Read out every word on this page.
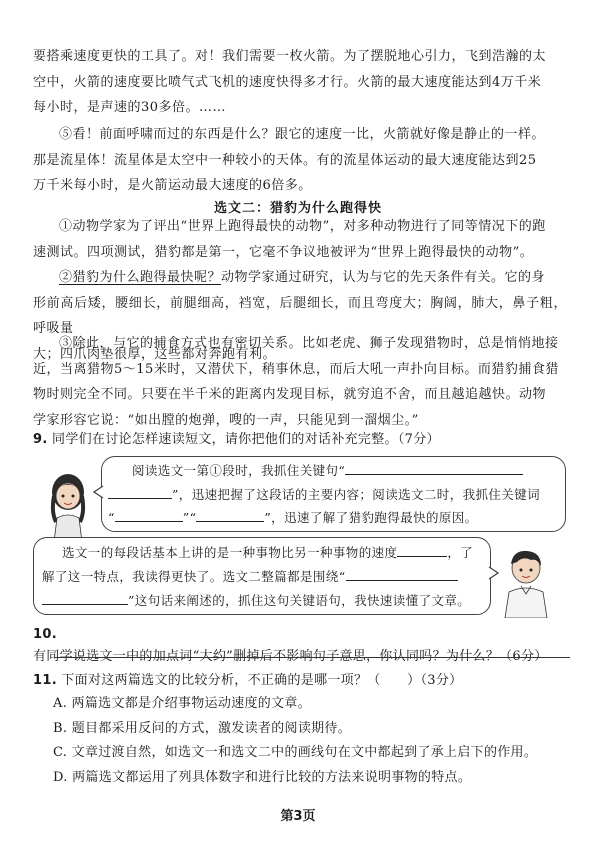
要搭乘速度更快的工具了。对！我们需要一枚火箭。为了摆脱地心引力，飞到浩瀚的太
空中，火箭的速度要比喷气式飞机的速度快得多才行。火箭的最大速度能达到4万千米
每小时，是声速的30多倍。……
⑤看！前面呼啸而过的东西是什么？跟它的速度一比，火箭就好像是静止的一样。
那是流星体！流星体是太空中一种较小的天体。有的流星体运动的最大速度能达到25
万千米每小时，是火箭运动最大速度的6倍多。
选文二：猎豹为什么跑得快
①动物学家为了评出“世界上跑得最快的动物”，对多种动物进行了同等情况下的跑
速测试。四项测试，猎豹都是第一，它毫不争议地被评为“世界上跑得最快的动物”。
②猎豹为什么跑得最快呢？动物学家通过研究，认为与它的先天条件有关。它的身
形前高后矮，腰细长，前腿细高，裆宽，后腿细长，而且弯度大；胸阔，肺大，鼻子粗，呼吸量
大；四爪肉垫很厚，这些都对奔跑有利。
③除此，与它的捕食方式也有密切关系。比如老虎、狮子发现猎物时，总是悄悄地接
近，当离猎物5～15米时，又潜伏下，稍事休息，而后大吼一声扑向目标。而猎豹捕食猎
物时则完全不同。只要在半千米的距离内发现目标，就穷追不舍，而且越追越快。动物
学家形容它说：“如出膛的炮弹，嗖的一声，只能见到一溜烟尘。”
9. 同学们在讨论怎样速读短文，请你把他们的对话补充完整。（7分）
阅读选文一第①段时，我抓住关键句“
”，迅速把握了这段话的主要内容；阅读选文二时，我抓住关键词
“	”“	”，迅速了解了猎豹跑得最快的原因。
选文一的每段话基本上讲的是一种事物比另一种事物的速度	，了
解了这一特点，我读得更快了。选文二整篇都是围绕“
”这句话来阐述的，抓住这句关键语句，我快速读懂了文章。
10. 有同学说选文一中的加点词“大约”删掉后不影响句子意思，你认同吗？为什么？（6分）
11. 下面对这两篇选文的比较分析，不正确的是哪一项？（　　）（3分）
A. 两篇选文都是介绍事物运动速度的文章。
B. 题目都采用反问的方式，激发读者的阅读期待。
C. 文章过渡自然，如选文一和选文二中的画线句在文中都起到了承上启下的作用。
D. 两篇选文都运用了列具体数字和进行比较的方法来说明事物的特点。
第3页
